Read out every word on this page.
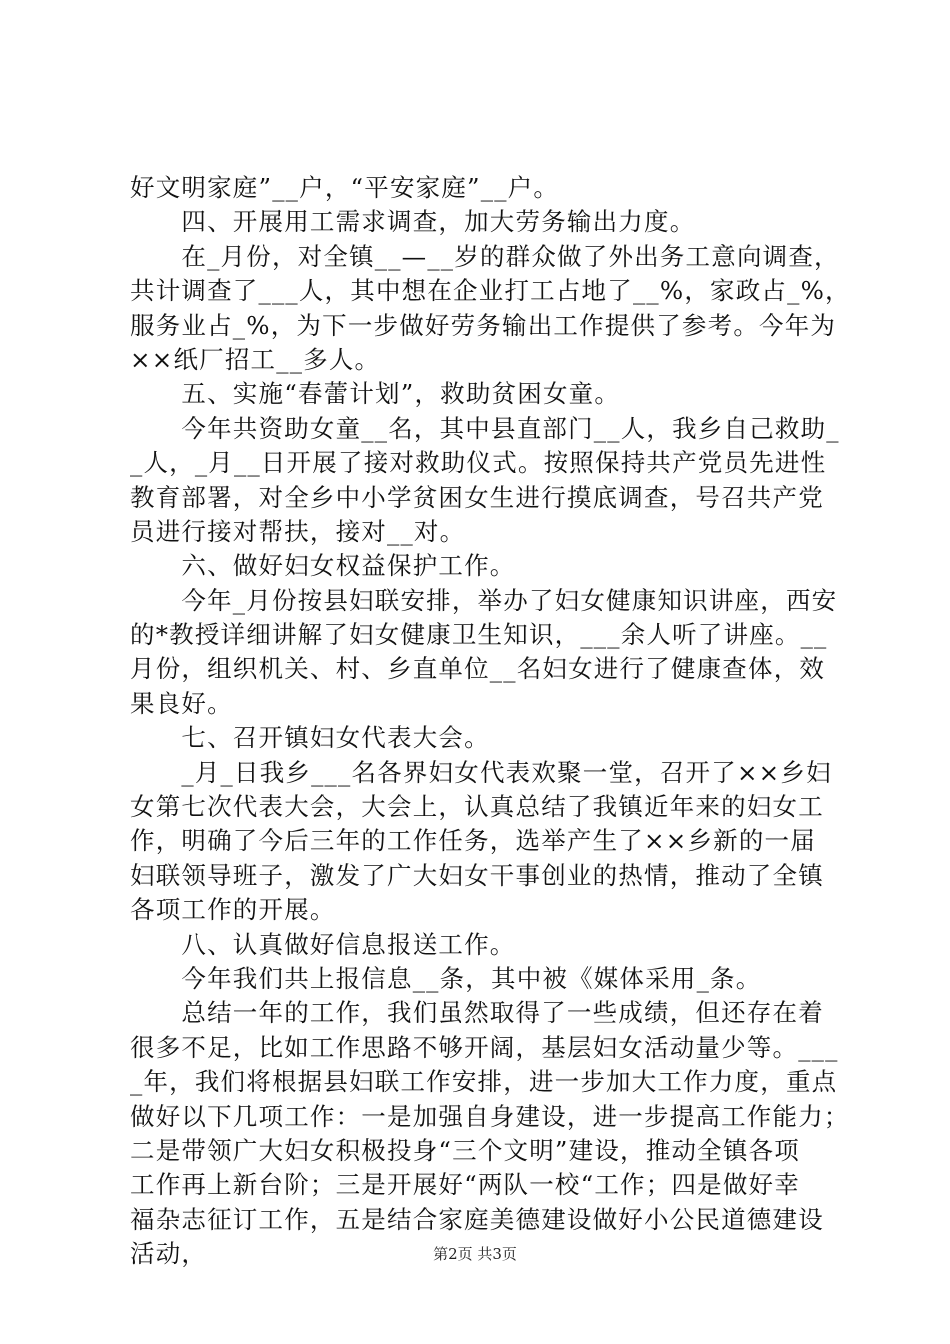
好文明家庭”__户，“平安家庭”__户。
　　四、开展用工需求调查，加大劳务输出力度。
　　在_月份，对全镇__—__岁的群众做了外出务工意向调查，
共计调查了___人，其中想在企业打工占地了__%，家政占_%，
服务业占_%，为下一步做好劳务输出工作提供了参考。今年为
××纸厂招工__多人。
　　五、实施“春蕾计划”，救助贫困女童。
　　今年共资助女童__名，其中县直部门__人，我乡自己救助_
_人，_月__日开展了接对救助仪式。按照保持共产党员先进性
教育部署，对全乡中小学贫困女生进行摸底调查，号召共产党
员进行接对帮扶，接对__对。
　　六、做好妇女权益保护工作。
　　今年_月份按县妇联安排，举办了妇女健康知识讲座，西安
的*教授详细讲解了妇女健康卫生知识，___余人听了讲座。__
月份，组织机关、村、乡直单位__名妇女进行了健康查体，效
果良好。
　　七、召开镇妇女代表大会。
　　_月_日我乡___名各界妇女代表欢聚一堂，召开了××乡妇
女第七次代表大会，大会上，认真总结了我镇近年来的妇女工
作，明确了今后三年的工作任务，选举产生了××乡新的一届
妇联领导班子，激发了广大妇女干事创业的热情，推动了全镇
各项工作的开展。
　　八、认真做好信息报送工作。
　　今年我们共上报信息__条，其中被《媒体采用_条。
　　总结一年的工作，我们虽然取得了一些成绩，但还存在着
很多不足，比如工作思路不够开阔，基层妇女活动量少等。___
_年，我们将根据县妇联工作安排，进一步加大工作力度，重点
做好以下几项工作：一是加强自身建设，进一步提高工作能力；
二是带领广大妇女积极投身“三个文明”建设，推动全镇各项
工作再上新台阶；三是开展好“两队一校“工作；四是做好幸
福杂志征订工作，五是结合家庭美德建设做好小公民道德建设
活动，	第2页 共3页
